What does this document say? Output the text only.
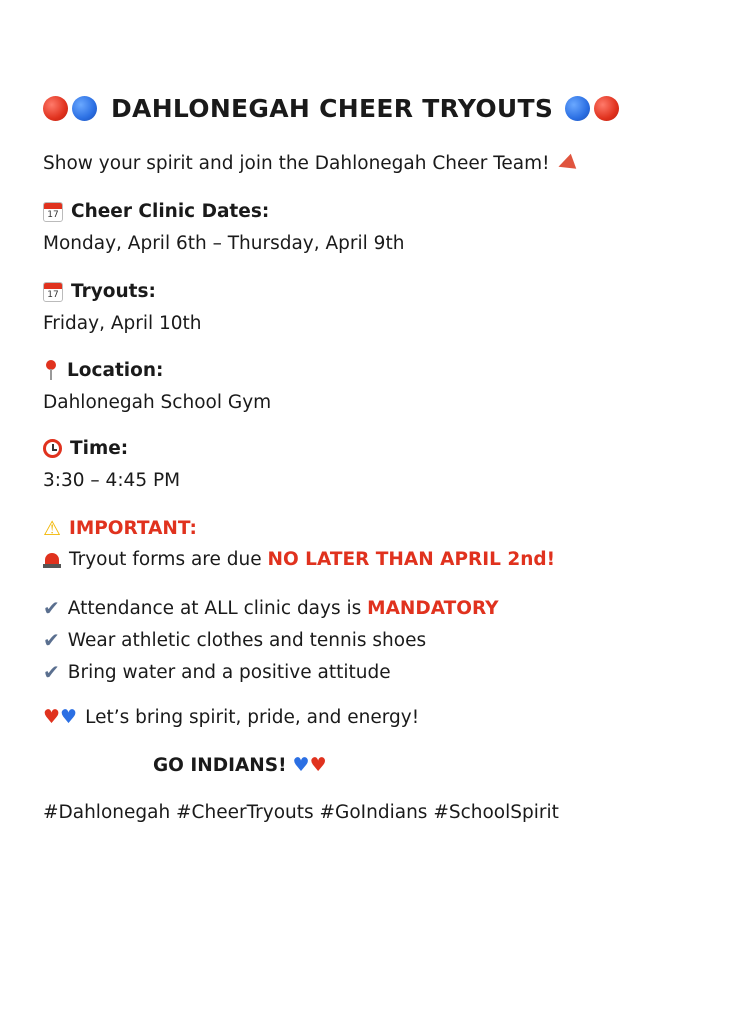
DAHLONEGAH CHEER TRYOUTS
Show your spirit and join the Dahlonegah Cheer Team!
17 Cheer Clinic Dates:
Monday, April 6th – Thursday, April 9th
17 Tryouts:
Friday, April 10th
Location:
Dahlonegah School Gym
Time:
3:30 – 4:45 PM
⚠ IMPORTANT:
Tryout forms are due
NO LATER THAN APRIL 2nd!
✔ Attendance at ALL clinic days is
MANDATORY
✔ Wear athletic clothes and tennis shoes
✔ Bring water and a positive attitude
♥ ♥ Let’s bring spirit, pride, and energy!
GO INDIANS! ♥ ♥
#Dahlonegah #CheerTryouts #GoIndians #SchoolSpirit
